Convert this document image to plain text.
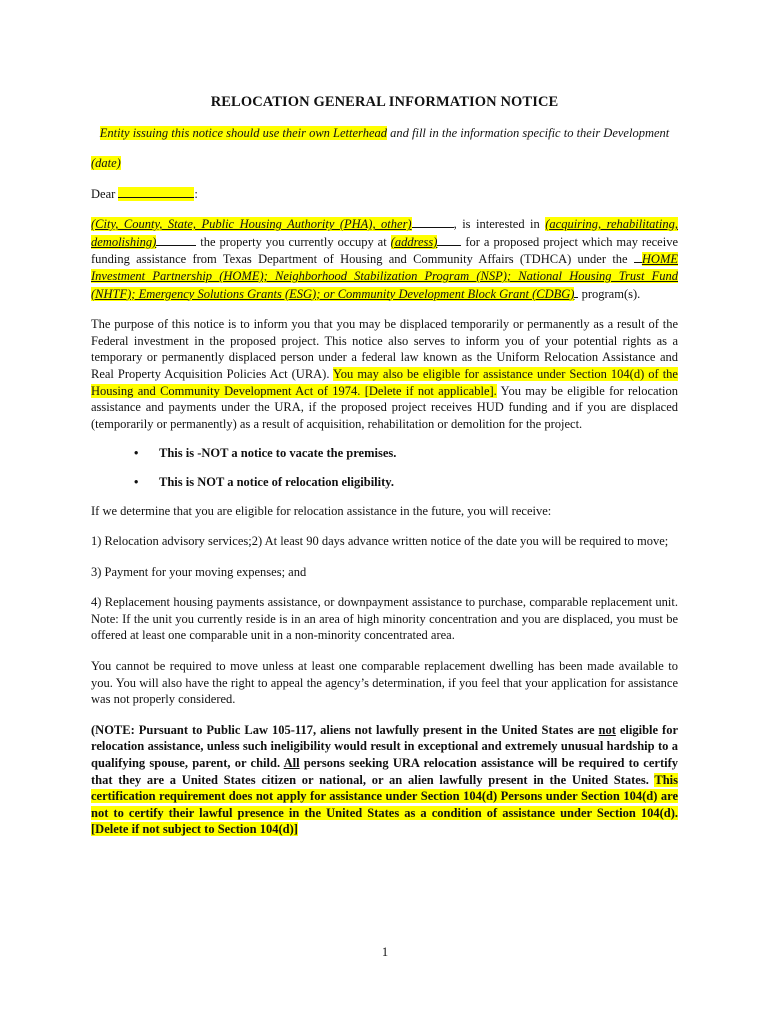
RELOCATION GENERAL INFORMATION NOTICE
Entity issuing this notice should use their own Letterhead and fill in the information specific to their Development

(date)

Dear	:

(City, County, State, Public Housing Authority (PHA), other)	, is interested in (acquiring, rehabilitating, demolishing)	the property you currently occupy at (address) for a proposed project which may receive funding assistance from Texas Department of Housing and Community Affairs (TDHCA) under the HOME Investment Partnership (HOME); Neighborhood Stabilization Program (NSP); National Housing Trust Fund (NHTF); Emergency Solutions Grants (ESG); or Community Development Block Grant (CDBG) program(s).

The purpose of this notice is to inform you that you may be displaced temporarily or permanently as a result of the Federal investment in the proposed project. This notice also serves to inform you of your potential rights as a temporary or permanently displaced person under a federal law known as the Uniform Relocation Assistance and Real Property Acquisition Policies Act (URA). You may also be eligible for assistance under Section 104(d) of the Housing and Community Development Act of 1974. [Delete if not applicable]. You may be eligible for relocation assistance and payments under the URA, if the proposed project receives HUD funding and if you are displaced (temporarily or permanently) as a result of acquisition, rehabilitation or demolition for the project.

• This is -NOT a notice to vacate the premises.
• This is NOT a notice of relocation eligibility.

If we determine that you are eligible for relocation assistance in the future, you will receive:

1) Relocation advisory services;2) At least 90 days advance written notice of the date you will be required to move;

3) Payment for your moving expenses; and

4) Replacement housing payments assistance, or downpayment assistance to purchase, comparable replacement unit. Note: If the unit you currently reside is in an area of high minority concentration and you are displaced, you must be offered at least one comparable unit in a non-minority concentrated area.

You cannot be required to move unless at least one comparable replacement dwelling has been made available to you. You will also have the right to appeal the agency’s determination, if you feel that your application for assistance was not properly considered.

(NOTE: Pursuant to Public Law 105-117, aliens not lawfully present in the United States are not eligible for relocation assistance, unless such ineligibility would result in exceptional and extremely unusual hardship to a qualifying spouse, parent, or child. All persons seeking URA relocation assistance will be required to certify that they are a United States citizen or national, or an alien lawfully present in the United States. This certification requirement does not apply for assistance under Section 104(d) Persons under Section 104(d) are not to certify their lawful presence in the United States as a condition of assistance under Section 104(d). [Delete if not subject to Section 104(d)]

1
